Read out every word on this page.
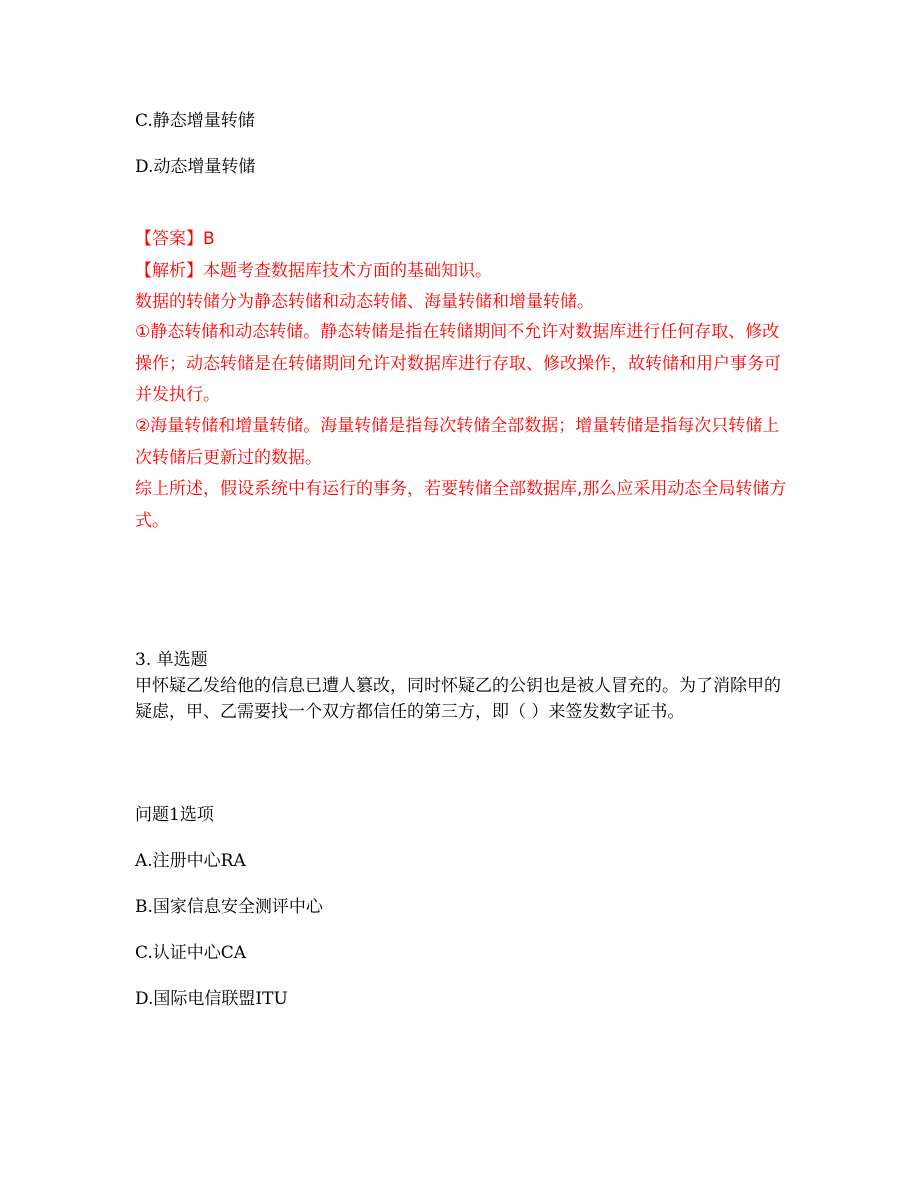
C.静态增量转储
D.动态增量转储
【答案】B
【解析】本题考查数据库技术方面的基础知识。
数据的转储分为静态转储和动态转储、海量转储和增量转储。
①静态转储和动态转储。静态转储是指在转储期间不允许对数据库进行任何存取、修改操作；动态转储是在转储期间允许对数据库进行存取、修改操作，故转储和用户事务可并发执行。
②海量转储和增量转储。海量转储是指每次转储全部数据；增量转储是指每次只转储上次转储后更新过的数据。
综上所述，假设系统中有运行的事务，若要转储全部数据库,那么应采用动态全局转储方式。
3. 单选题
甲怀疑乙发给他的信息已遭人篡改，同时怀疑乙的公钥也是被人冒充的。为了消除甲的疑虑，甲、乙需要找一个双方都信任的第三方，即（ ）来签发数字证书。
问题1选项
A.注册中心RA
B.国家信息安全测评中心
C.认证中心CA
D.国际电信联盟ITU
